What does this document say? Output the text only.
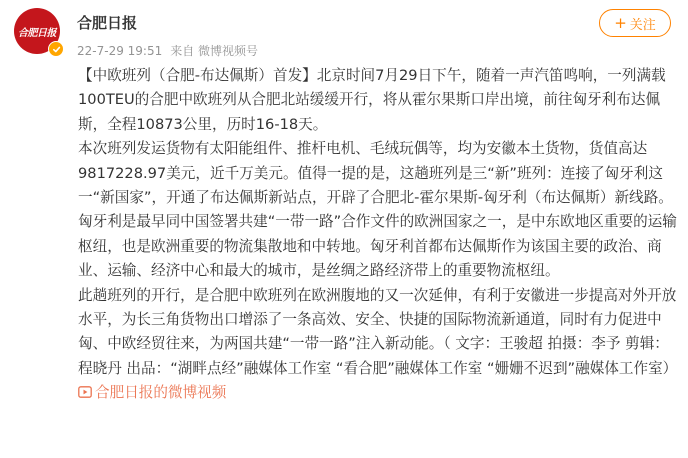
合肥日报
合肥日报
22-7-29 19:51 来自 微博视频号
+ 关注

【中欧班列（合肥-布达佩斯）首发】北京时间7月29日下午，随着一声汽笛鸣响，一列满载100TEU的合肥中欧班列从合肥北站缓缓开行，将从霍尔果斯口岸出境，前往匈牙利布达佩斯，全程10873公里，历时16-18天。

本次班列发运货物有太阳能组件、推杆电机、毛绒玩偶等，均为安徽本土货物，货值高达9817228.97美元，近千万美元。值得一提的是，这趟班列是三“新”班列：连接了匈牙利这一“新国家”，开通了布达佩斯新站点，开辟了合肥北-霍尔果斯-匈牙利（布达佩斯）新线路。

匈牙利是最早同中国签署共建“一带一路”合作文件的欧洲国家之一，是中东欧地区重要的运输枢纽，也是欧洲重要的物流集散地和中转地。匈牙利首都布达佩斯作为该国主要的政治、商业、运输、经济中心和最大的城市，是丝绸之路经济带上的重要物流枢纽。

此趟班列的开行，是合肥中欧班列在欧洲腹地的又一次延伸，有利于安徽进一步提高对外开放水平，为长三角货物出口增添了一条高效、安全、快捷的国际物流新通道，同时有力促进中匈、中欧经贸往来，为两国共建“一带一路”注入新动能。（ 文字：王骏超 拍摄：李予 剪辑：程晓丹 出品：“湖畔点经”融媒体工作室 “看合肥”融媒体工作室 “姗姗不迟到”融媒体工作室）合肥日报的微博视频
